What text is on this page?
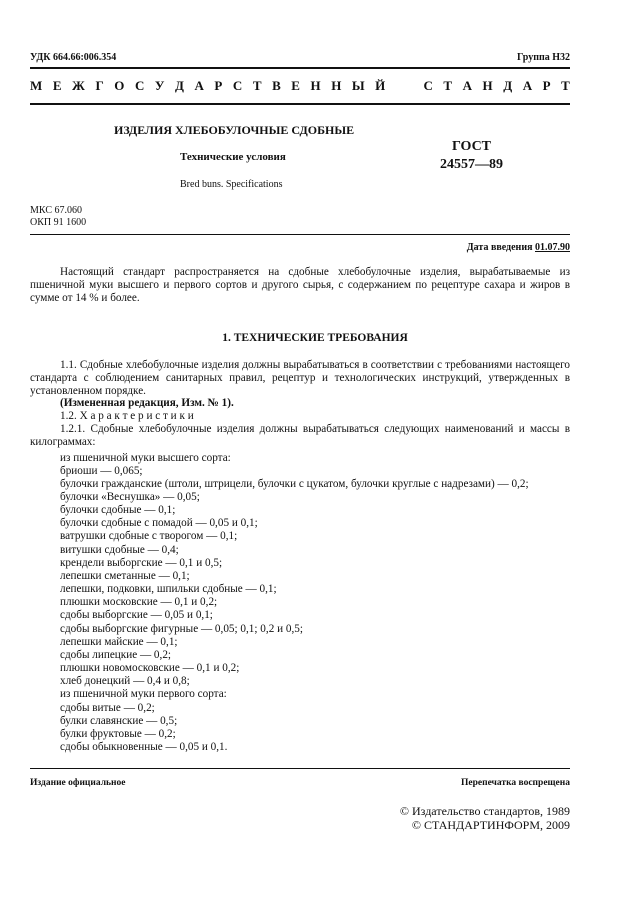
УДК 664.66:006.354	Группа Н32
М Е Ж Г О С У Д А Р С Т В Е Н Н Ы Й

	С Т А Н Д А Р Т
ИЗДЕЛИЯ ХЛЕБОБУЛОЧНЫЕ СДОБНЫЕ
Технические условия
Bred buns. Specifications
ГОСТ
24557—89
МКС 67.060
ОКП 91 1600
Дата введения 01.07.90
Настоящий стандарт распространяется на сдобные хлебобулочные изделия, вырабатываемые из пшеничной муки высшего и первого сортов и другого сырья, с содержанием по рецептуре сахара и жиров в сумме от 14 % и более.
1. ТЕХНИЧЕСКИЕ ТРЕБОВАНИЯ
1.1. Сдобные хлебобулочные изделия должны вырабатываться в соответствии с требованиями настоящего стандарта с соблюдением санитарных правил, рецептур и технологических инструкций, утвержденных в установленном порядке.
(Измененная редакция, Изм. № 1).
1.2. Х а р а к т е р и с т и к и
1.2.1. Сдобные хлебобулочные изделия должны вырабатываться следующих наименований и массы в килограммах:
из пшеничной муки высшего сорта:
бриоши — 0,065;
булочки гражданские (штоли, штрицели, булочки с цукатом, булочки круглые с надрезами) — 0,2;
булочки «Веснушка» — 0,05;
булочки сдобные — 0,1;
булочки сдобные с помадой — 0,05 и 0,1;
ватрушки сдобные с творогом — 0,1;
витушки сдобные — 0,4;
крендели выборгские — 0,1 и 0,5;
лепешки сметанные — 0,1;
лепешки, подковки, шпильки сдобные — 0,1;
плюшки московские — 0,1 и 0,2;
сдобы выборгские — 0,05 и 0,1;
сдобы выборгские фигурные — 0,05; 0,1; 0,2 и 0,5;
лепешки майские — 0,1;
сдобы липецкие — 0,2;
плюшки новомосковские — 0,1 и 0,2;
хлеб донецкий — 0,4 и 0,8;
из пшеничной муки первого сорта:
сдобы витые — 0,2;
булки славянские — 0,5;
булки фруктовые — 0,2;
сдобы обыкновенные — 0,05 и 0,1.
Издание официальное	Перепечатка воспрещена
© Издательство стандартов, 1989
© СТАНДАРТИНФОРМ, 2009
